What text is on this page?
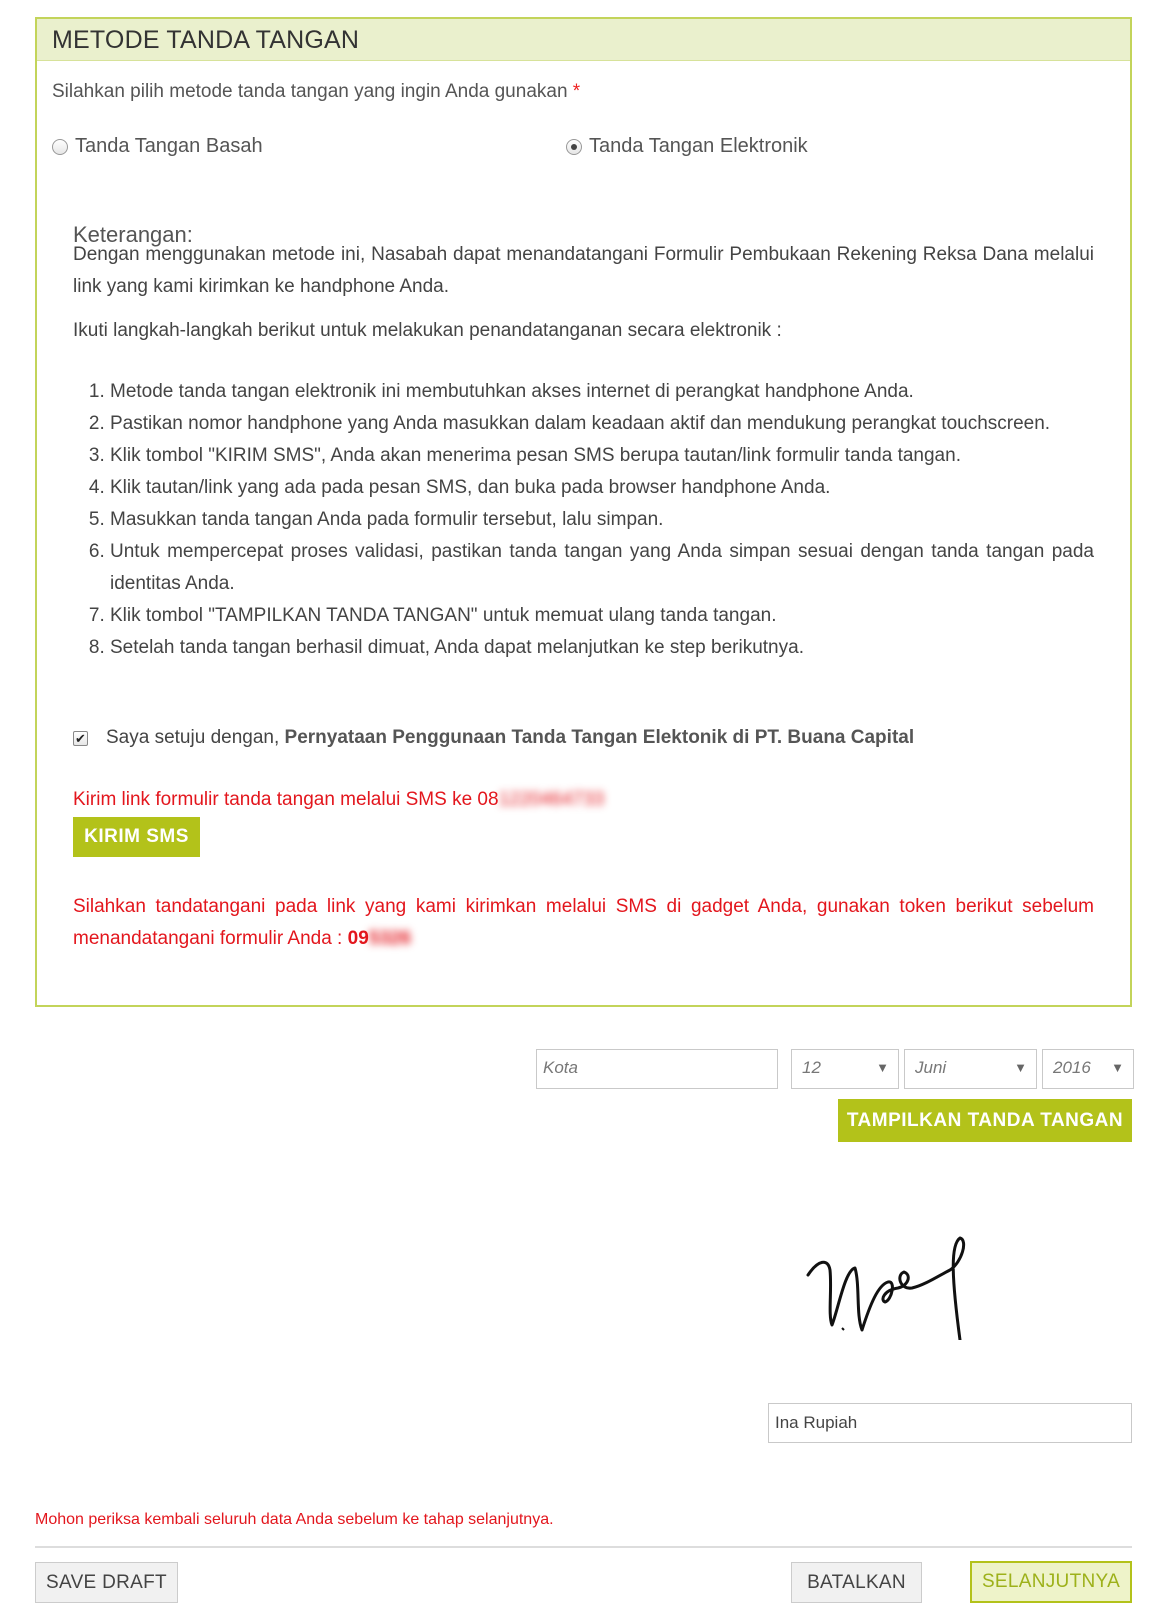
METODE TANDA TANGAN
Silahkan pilih metode tanda tangan yang ingin Anda gunakan *
Tanda Tangan Basah	Tanda Tangan Elektronik
Keterangan:
Dengan menggunakan metode ini, Nasabah dapat menandatangani Formulir Pembukaan Rekening Reksa Dana melalui link yang kami kirimkan ke handphone Anda.
Ikuti langkah-langkah berikut untuk melakukan penandatanganan secara elektronik :
1. Metode tanda tangan elektronik ini membutuhkan akses internet di perangkat handphone Anda.
2. Pastikan nomor handphone yang Anda masukkan dalam keadaan aktif dan mendukung perangkat touchscreen.
3. Klik tombol "KIRIM SMS", Anda akan menerima pesan SMS berupa tautan/link formulir tanda tangan.
4. Klik tautan/link yang ada pada pesan SMS, dan buka pada browser handphone Anda.
5. Masukkan tanda tangan Anda pada formulir tersebut, lalu simpan.
6. Untuk mempercepat proses validasi, pastikan tanda tangan yang Anda simpan sesuai dengan tanda tangan pada identitas Anda.
7. Klik tombol "TAMPILKAN TANDA TANGAN" untuk memuat ulang tanda tangan.
8. Setelah tanda tangan berhasil dimuat, Anda dapat melanjutkan ke step berikutnya.
✔ Saya setuju dengan, Pernyataan Penggunaan Tanda Tangan Elektonik di PT. Buana Capital
Kirim link formulir tanda tangan melalui SMS ke 081220464733
KIRIM SMS
Silahkan tandatangani pada link yang kami kirimkan melalui SMS di gadget Anda, gunakan token berikut sebelum menandatangani formulir Anda : 095326
Kota	12	▼	Juni	▼	2016 ▼
TAMPILKAN TANDA TANGAN
Ina Rupiah
Mohon periksa kembali seluruh data Anda sebelum ke tahap selanjutnya.
SAVE DRAFT	BATALKAN	SELANJUTNYA
